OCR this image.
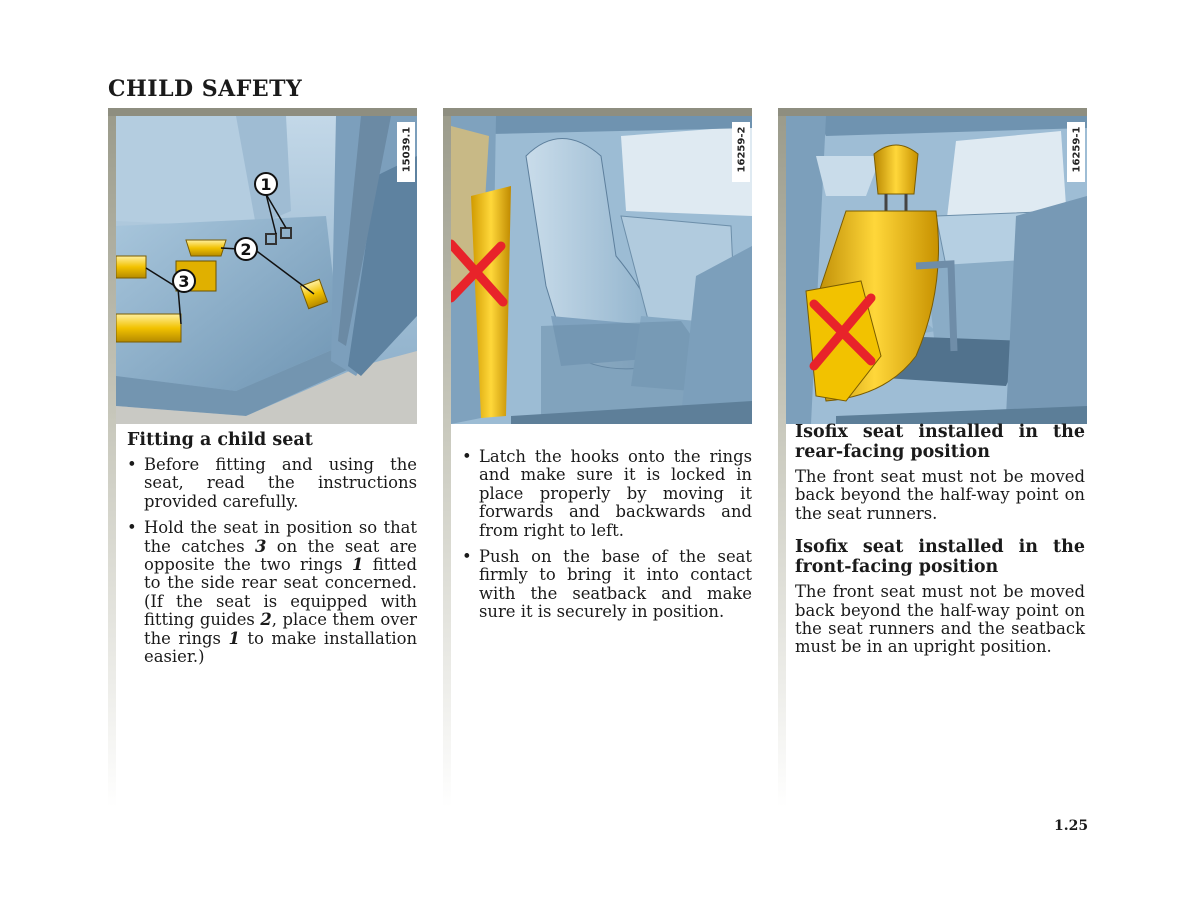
CHILD SAFETY
1
2
3
15039.1
Fitting a child seat
• Before fitting and using the seat, read the instructions provided carefully.
• Hold the seat in position so that the catches 3 on the seat are opposite the two rings 1 fitted to the side rear seat concerned. (If the seat is equipped with fitting guides 2, place them over the rings 1 to make installation easier.)
16259-2
• Latch the hooks onto the rings and make sure it is locked in place properly by moving it forwards and backwards and from right to left.
• Push on the base of the seat firmly to bring it into contact with the seatback and make sure it is securely in position.
16259-1
Isofix seat installed in the rear-facing position

The front seat must not be moved back beyond the half-way point on the seat runners.

Isofix seat installed in the front-facing position

The front seat must not be moved back beyond the half-way point on the seat runners and the seatback must be in an upright position.

1.25
